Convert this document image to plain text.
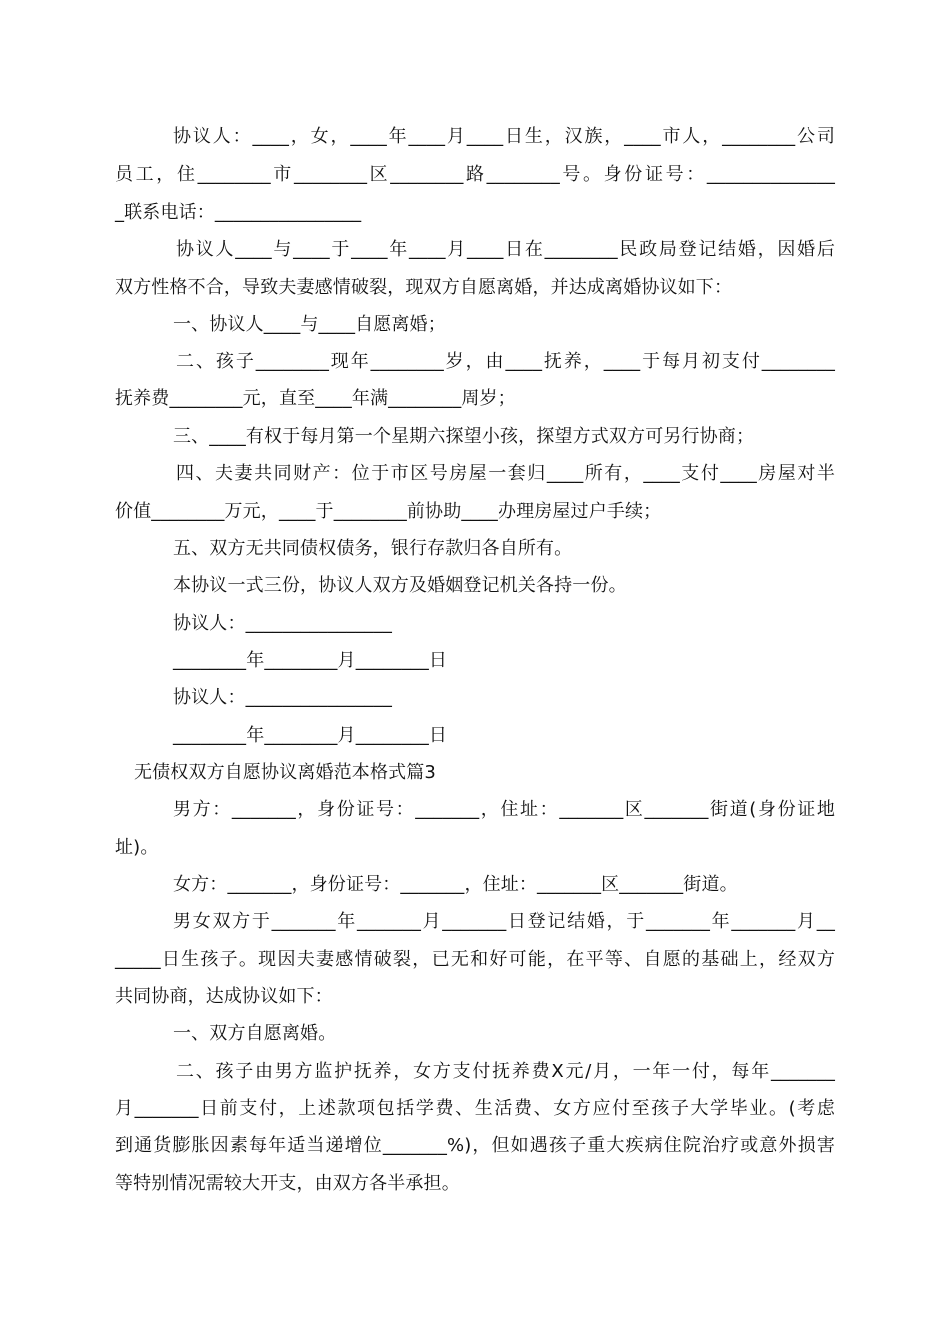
协议人：____，女，____年____月____日生，汉族，____市人，________公司
员工，住________市________区________路________号。身份证号：______________
_联系电话：________________
协议人____与____于____年____月____日在________民政局登记结婚，因婚后
双方性格不合，导致夫妻感情破裂，现双方自愿离婚，并达成离婚协议如下：
一、协议人____与____自愿离婚；
二、孩子________现年________岁，由____抚养，____于每月初支付________
抚养费________元，直至____年满________周岁；
三、____有权于每月第一个星期六探望小孩，探望方式双方可另行协商；
四、夫妻共同财产：位于市区号房屋一套归____所有，____支付____房屋对半
价值________万元，____于________前协助____办理房屋过户手续；
五、双方无共同债权债务，银行存款归各自所有。
本协议一式三份，协议人双方及婚姻登记机关各持一份。
协议人：________________
________年________月________日
协议人：________________
________年________月________日
无债权双方自愿协议离婚范本格式篇3
男方：_______，身份证号：_______，住址：_______区_______街道(身份证地
址)。
女方：_______，身份证号：_______，住址：_______区_______街道。
男女双方于_______年_______月_______日登记结婚，于_______年_______月__
_____日生孩子。现因夫妻感情破裂，已无和好可能，在平等、自愿的基础上，经双方
共同协商，达成协议如下：
一、双方自愿离婚。
二、孩子由男方监护抚养，女方支付抚养费X元/月，一年一付，每年_______
月_______日前支付，上述款项包括学费、生活费、女方应付至孩子大学毕业。(考虑
到通货膨胀因素每年适当递增位_______%)，但如遇孩子重大疾病住院治疗或意外损害
等特别情况需较大开支，由双方各半承担。
